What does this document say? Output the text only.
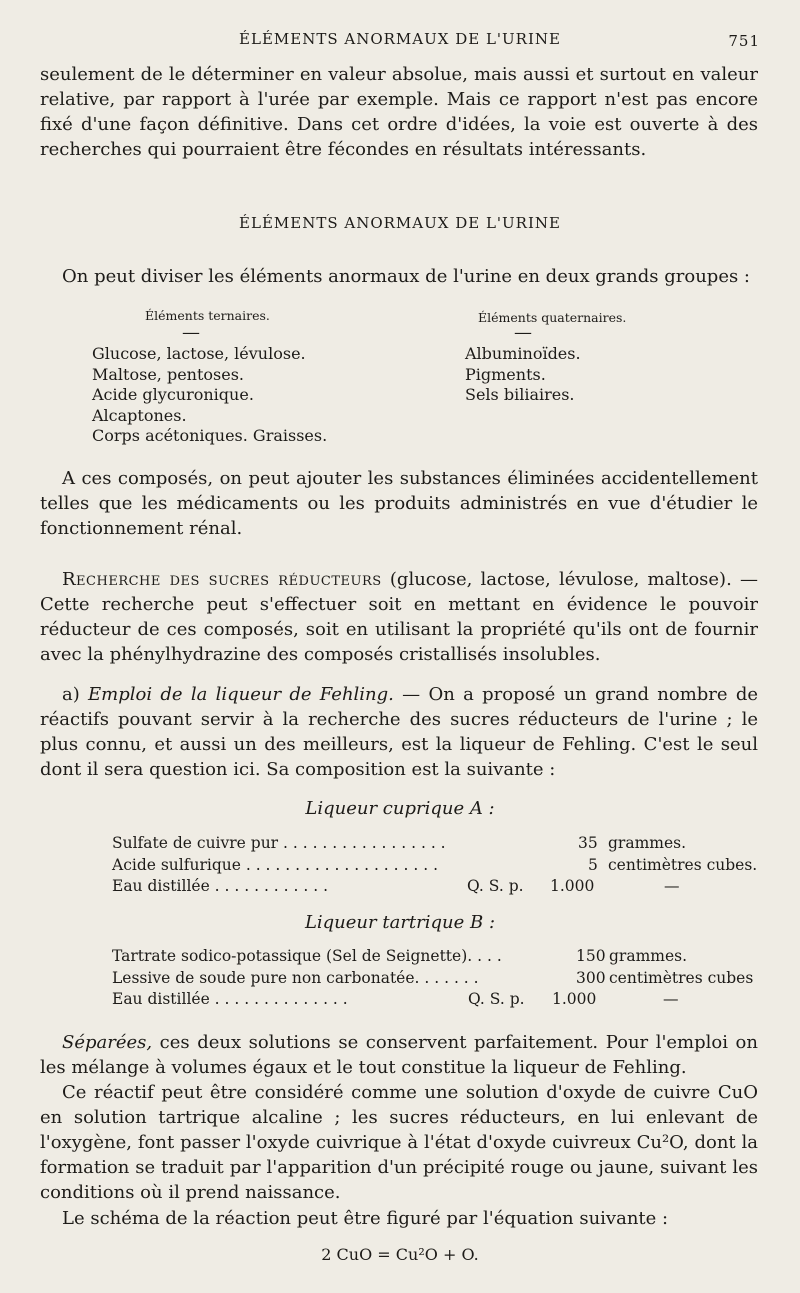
ÉLÉMENTS ANORMAUX DE L'URINE	751

seulement de le déterminer en valeur absolue, mais aussi et surtout en valeur relative, par rapport à l'urée par exemple. Mais ce rapport n'est pas encore fixé d'une façon définitive. Dans cet ordre d'idées, la voie est ouverte à des recherches qui pourraient être fécondes en résultats intéressants.

ÉLÉMENTS ANORMAUX DE L'URINE

On peut diviser les éléments anormaux de l'urine en deux grands groupes :

Éléments ternaires.
—
Glucose, lactose, lévulose.
Maltose, pentoses.
Acide glycuronique.
Alcaptones.
Corps acétoniques. Graisses.
Éléments quaternaires.
—
Albuminoïdes.
Pigments.
Sels biliaires.

A ces composés, on peut ajouter les substances éliminées accidentellement telles que les médicaments ou les produits administrés en vue d'étudier le fonctionnement rénal.

Recherche des sucres réducteurs (glucose, lactose, lévulose, maltose). — Cette recherche peut s'effectuer soit en mettant en évidence le pouvoir réducteur de ces composés, soit en utilisant la propriété qu'ils ont de fournir avec la phénylhydrazine des composés cristallisés insolubles.

a) Emploi de la liqueur de Fehling. — On a proposé un grand nombre de réactifs pouvant servir à la recherche des sucres réducteurs de l'urine ; le plus connu, et aussi un des meilleurs, est la liqueur de Fehling. C'est le seul dont il sera question ici. Sa composition est la suivante :

Liqueur cuprique A :
Sulfate de cuivre pur . . . . . . . . . . . . . . . . .	35 grammes.
Acide sulfurique . . . . . . . . . . . . . . . . . . . .	5 centimètres cubes.
Eau distillée . . . . . . . . . . . .	Q. S. p. 1.000	—
Liqueur tartrique B :
Tartrate sodico-potassique (Sel de Seignette). . . .	150 grammes.
Lessive de soude pure non carbonatée. . . . . . .	300 centimètres cubes
Eau distillée . . . . . . . . . . . . . .	Q. S. p. 1.000	—

Séparées, ces deux solutions se conservent parfaitement. Pour l'emploi on les mélange à volumes égaux et le tout constitue la liqueur de Fehling.

Ce réactif peut être considéré comme une solution d'oxyde de cuivre CuO en solution tartrique alcaline ; les sucres réducteurs, en lui enlevant de l'oxygène, font passer l'oxyde cuivrique à l'état d'oxyde cuivreux Cu²O, dont la formation se traduit par l'apparition d'un précipité rouge ou jaune, suivant les conditions où il prend naissance.

Le schéma de la réaction peut être figuré par l'équation suivante :

2 CuO = Cu²O + O.
